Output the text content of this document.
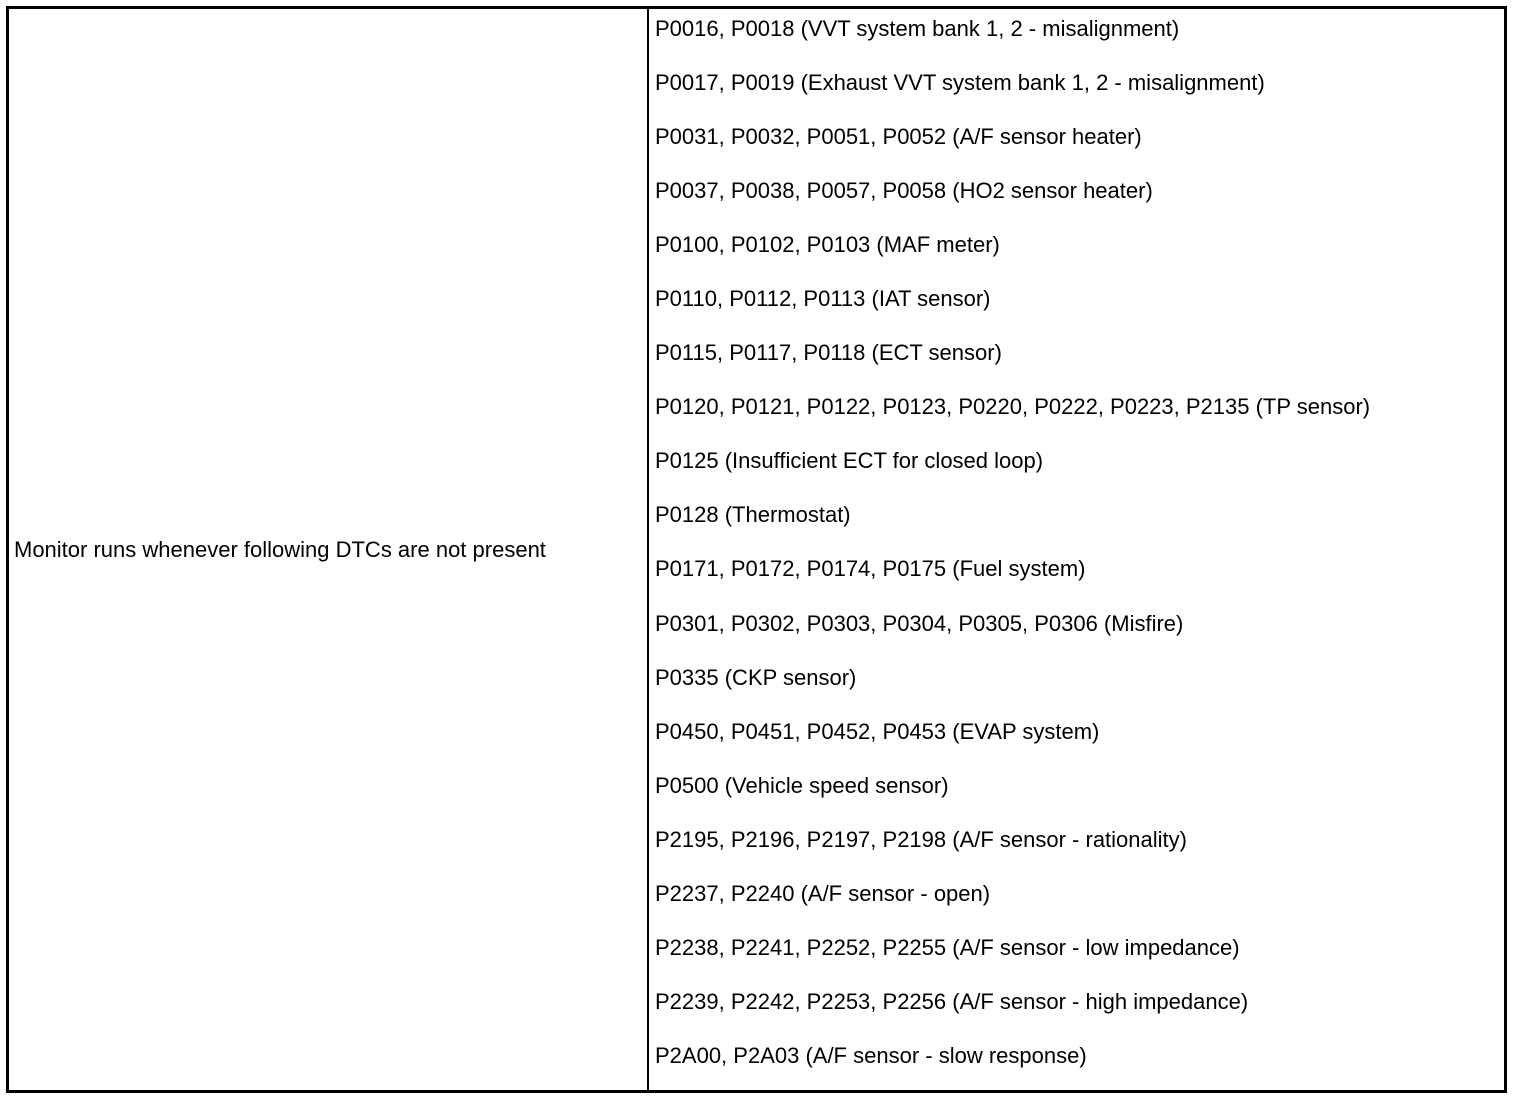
Monitor runs whenever following DTCs are not present
P0016, P0018 (VVT system bank 1, 2 - misalignment)
P0017, P0019 (Exhaust VVT system bank 1, 2 - misalignment)
P0031, P0032, P0051, P0052 (A/F sensor heater)
P0037, P0038, P0057, P0058 (HO2 sensor heater)
P0100, P0102, P0103 (MAF meter)
P0110, P0112, P0113 (IAT sensor)
P0115, P0117, P0118 (ECT sensor)
P0120, P0121, P0122, P0123, P0220, P0222, P0223, P2135 (TP sensor)
P0125 (Insufficient ECT for closed loop)
P0128 (Thermostat)
P0171, P0172, P0174, P0175 (Fuel system)
P0301, P0302, P0303, P0304, P0305, P0306 (Misfire)
P0335 (CKP sensor)
P0450, P0451, P0452, P0453 (EVAP system)
P0500 (Vehicle speed sensor)
P2195, P2196, P2197, P2198 (A/F sensor - rationality)
P2237, P2240 (A/F sensor - open)
P2238, P2241, P2252, P2255 (A/F sensor - low impedance)
P2239, P2242, P2253, P2256 (A/F sensor - high impedance)
P2A00, P2A03 (A/F sensor - slow response)
